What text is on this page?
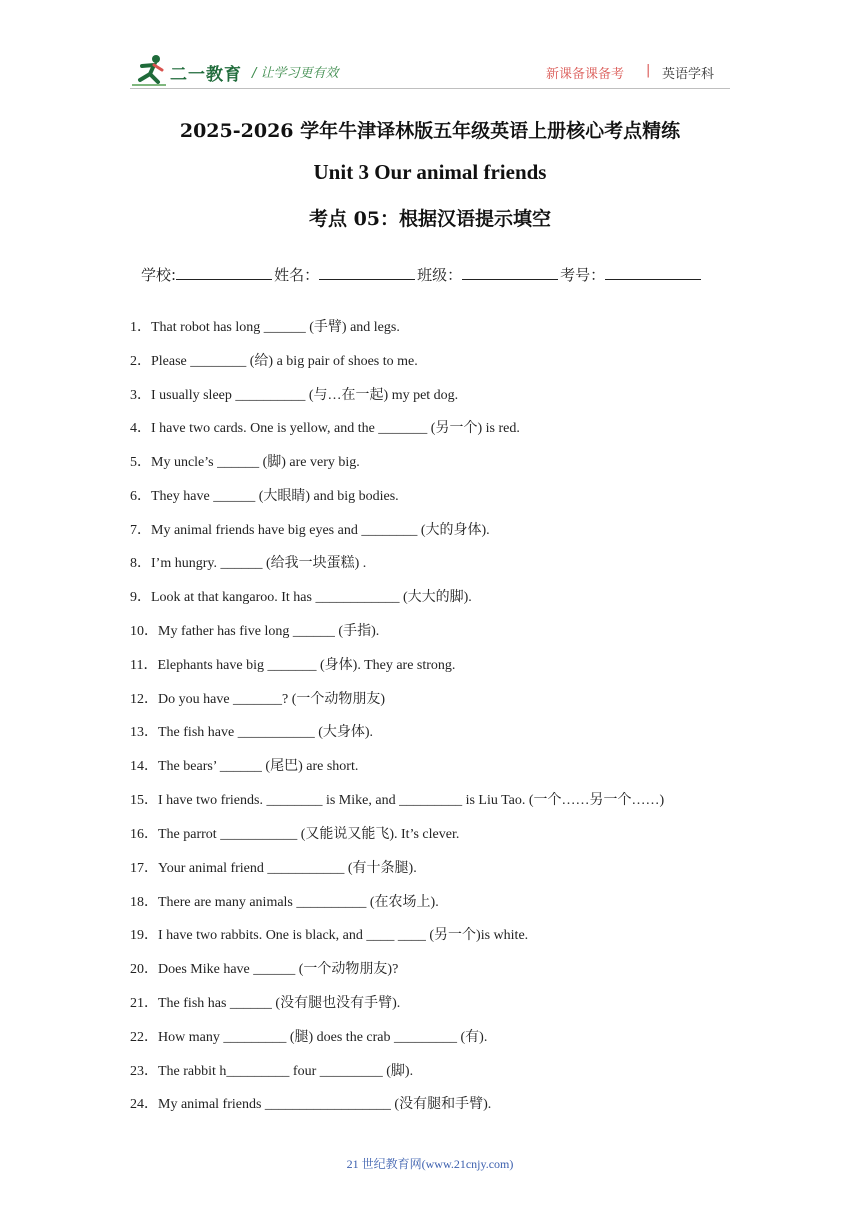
二一教育 / 让学习更有效	新课备课备考 | 英语学科
2025-2026 学年牛津译林版五年级英语上册核心考点精练
Unit 3 Our animal friends
考点 05：根据汉语提示填空
学校:	姓名：	班级：	考号：
1．That robot has long ______ (手臂) and legs.
2．Please ________ (给) a big pair of shoes to me.
3．I usually sleep __________ (与…在一起) my pet dog.
4．I have two cards. One is yellow, and the _______ (另一个) is red.
5．My uncle’s ______ (脚) are very big.
6．They have ______ (大眼睛) and big bodies.
7．My animal friends have big eyes and ________ (大的身体).
8．I’m hungry. ______ (给我一块蛋糕) .
9．Look at that kangaroo. It has ____________ (大大的脚).
10．My father has five long ______ (手指).
11．Elephants have big _______ (身体). They are strong.
12．Do you have _______? (一个动物朋友)
13．The fish have ___________ (大身体).
14．The bears’ ______ (尾巴) are short.
15．I have two friends. ________ is Mike, and _________ is Liu Tao. (一个……另一个……)
16．The parrot ___________ (又能说又能飞). It’s clever.
17．Your animal friend ___________ (有十条腿).
18．There are many animals __________ (在农场上).
19．I have two rabbits. One is black, and ____ ____ (另一个)is white.
20．Does Mike have ______ (一个动物朋友)?
21．The fish has ______ (没有腿也没有手臂).
22．How many _________ (腿) does the crab _________ (有).
23．The rabbit h_________ four _________ (脚).
24．My animal friends __________________ (没有腿和手臂).
21 世纪教育网(www.21cnjy.com)
